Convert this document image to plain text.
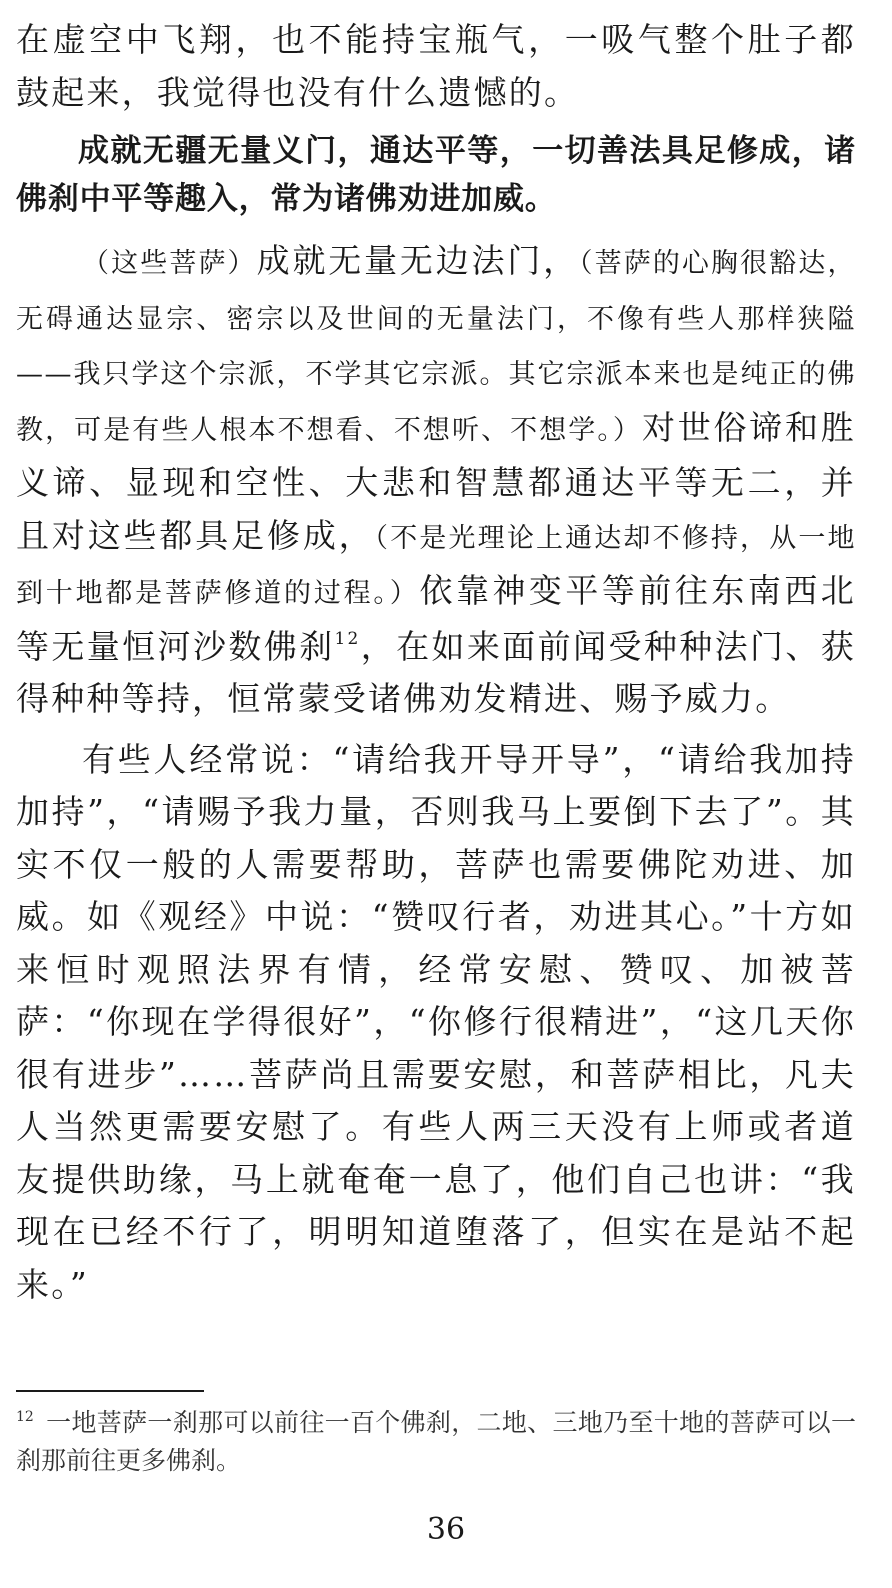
在虚空中飞翔，也不能持宝瓶气，一吸气整个肚子都鼓起来，我觉得也没有什么遗憾的。

成就无疆无量义门，通达平等，一切善法具足修成，诸佛刹中平等趣入，常为诸佛劝进加威。

（这些菩萨）成就无量无边法门，（菩萨的心胸很豁达，无碍通达显宗、密宗以及世间的无量法门，不像有些人那样狭隘——我只学这个宗派，不学其它宗派。其它宗派本来也是纯正的佛教，可是有些人根本不想看、不想听、不想学。）对世俗谛和胜义谛、显现和空性、大悲和智慧都通达平等无二，并且对这些都具足修成，（不是光理论上通达却不修持，从一地到十地都是菩萨修道的过程。）依靠神变平等前往东南西北等无量恒河沙数佛刹$^{12}$，在如来面前闻受种种法门、获得种种等持，恒常蒙受诸佛劝发精进、赐予威力。

有些人经常说：“请给我开导开导”，“请给我加持加持”，“请赐予我力量，否则我马上要倒下去了”。其实不仅一般的人需要帮助，菩萨也需要佛陀劝进、加威。如《观经》中说：“赞叹行者，劝进其心。”十方如来恒时观照法界有情，经常安慰、赞叹、加被菩萨：“你现在学得很好”，“你修行很精进”，“这几天你很有进步”……菩萨尚且需要安慰，和菩萨相比，凡夫人当然更需要安慰了。有些人两三天没有上师或者道友提供助缘，马上就奄奄一息了，他们自己也讲：“我现在已经不行了，明明知道堕落了，但实在是站不起来。”

$^{12}$ 一地菩萨一刹那可以前往一百个佛刹，二地、三地乃至十地的菩萨可以一刹那前往更多佛刹。
36
